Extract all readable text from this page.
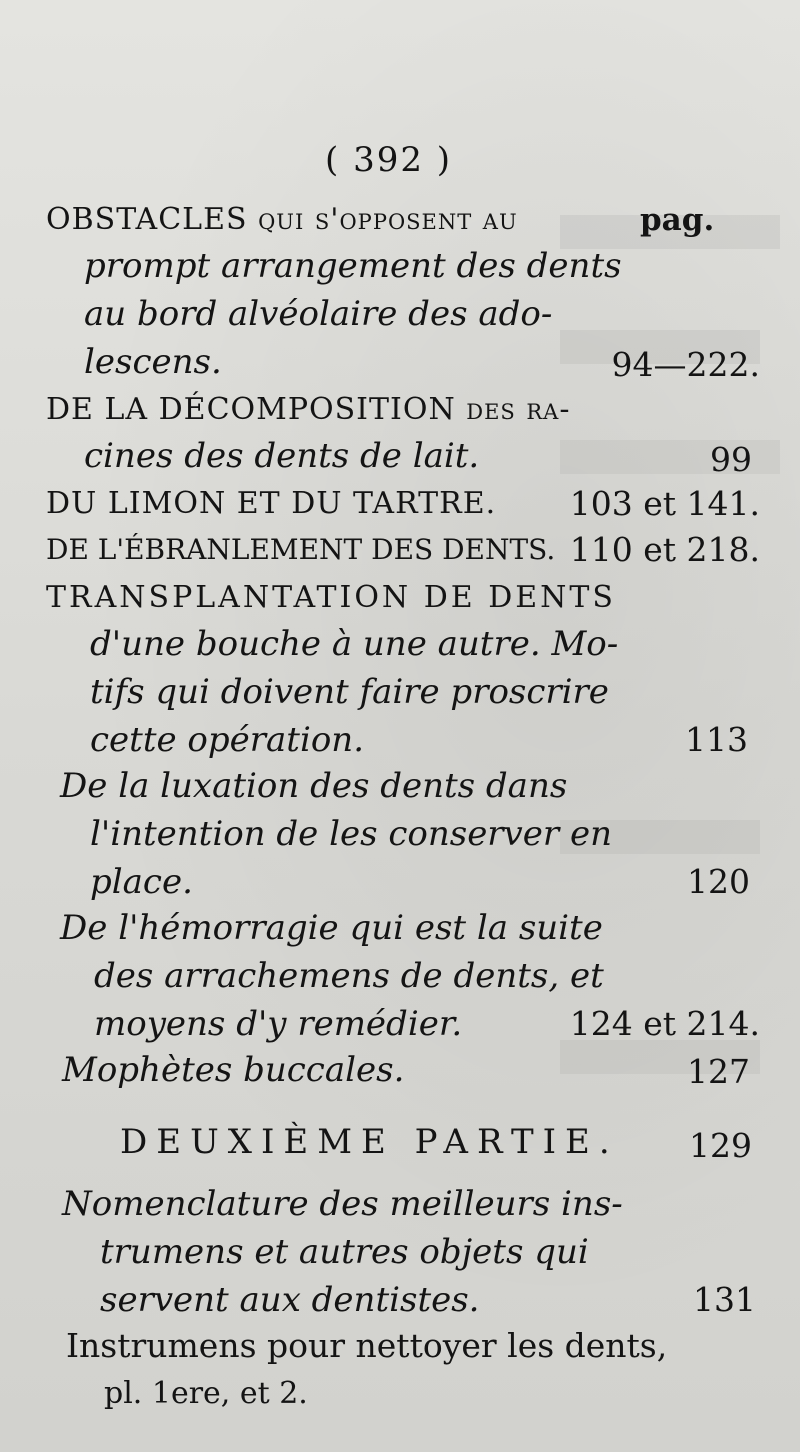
( 392 )
pag.
OBSTACLES qui s'opposent au
prompt arrangement des dents
au bord alvéolaire des ado-
lescens.	94—222.
DE LA DÉCOMPOSITION des ra-
cines des dents de lait.	99
DU LIMON ET DU TARTRE. 103 et 141.
DE L'ÉBRANLEMENT DES DENTS. 110 et 218.
TRANSPLANTATION DE DENTS
d'une bouche à une autre. Mo-
tifs qui doivent faire proscrire
cette opération.	113
De la luxation des dents dans
l'intention de les conserver en
place.	120
De l'hémorragie qui est la suite
des arrachemens de dents, et
moyens d'y remédier.	124 et 214.
Mophètes buccales.	127
DEUXIÈME PARTIE. 129
Nomenclature des meilleurs ins-
trumens et autres objets qui
servent aux dentistes.	131
Instrumens pour nettoyer les dents,
pl. 1ere, et 2.
